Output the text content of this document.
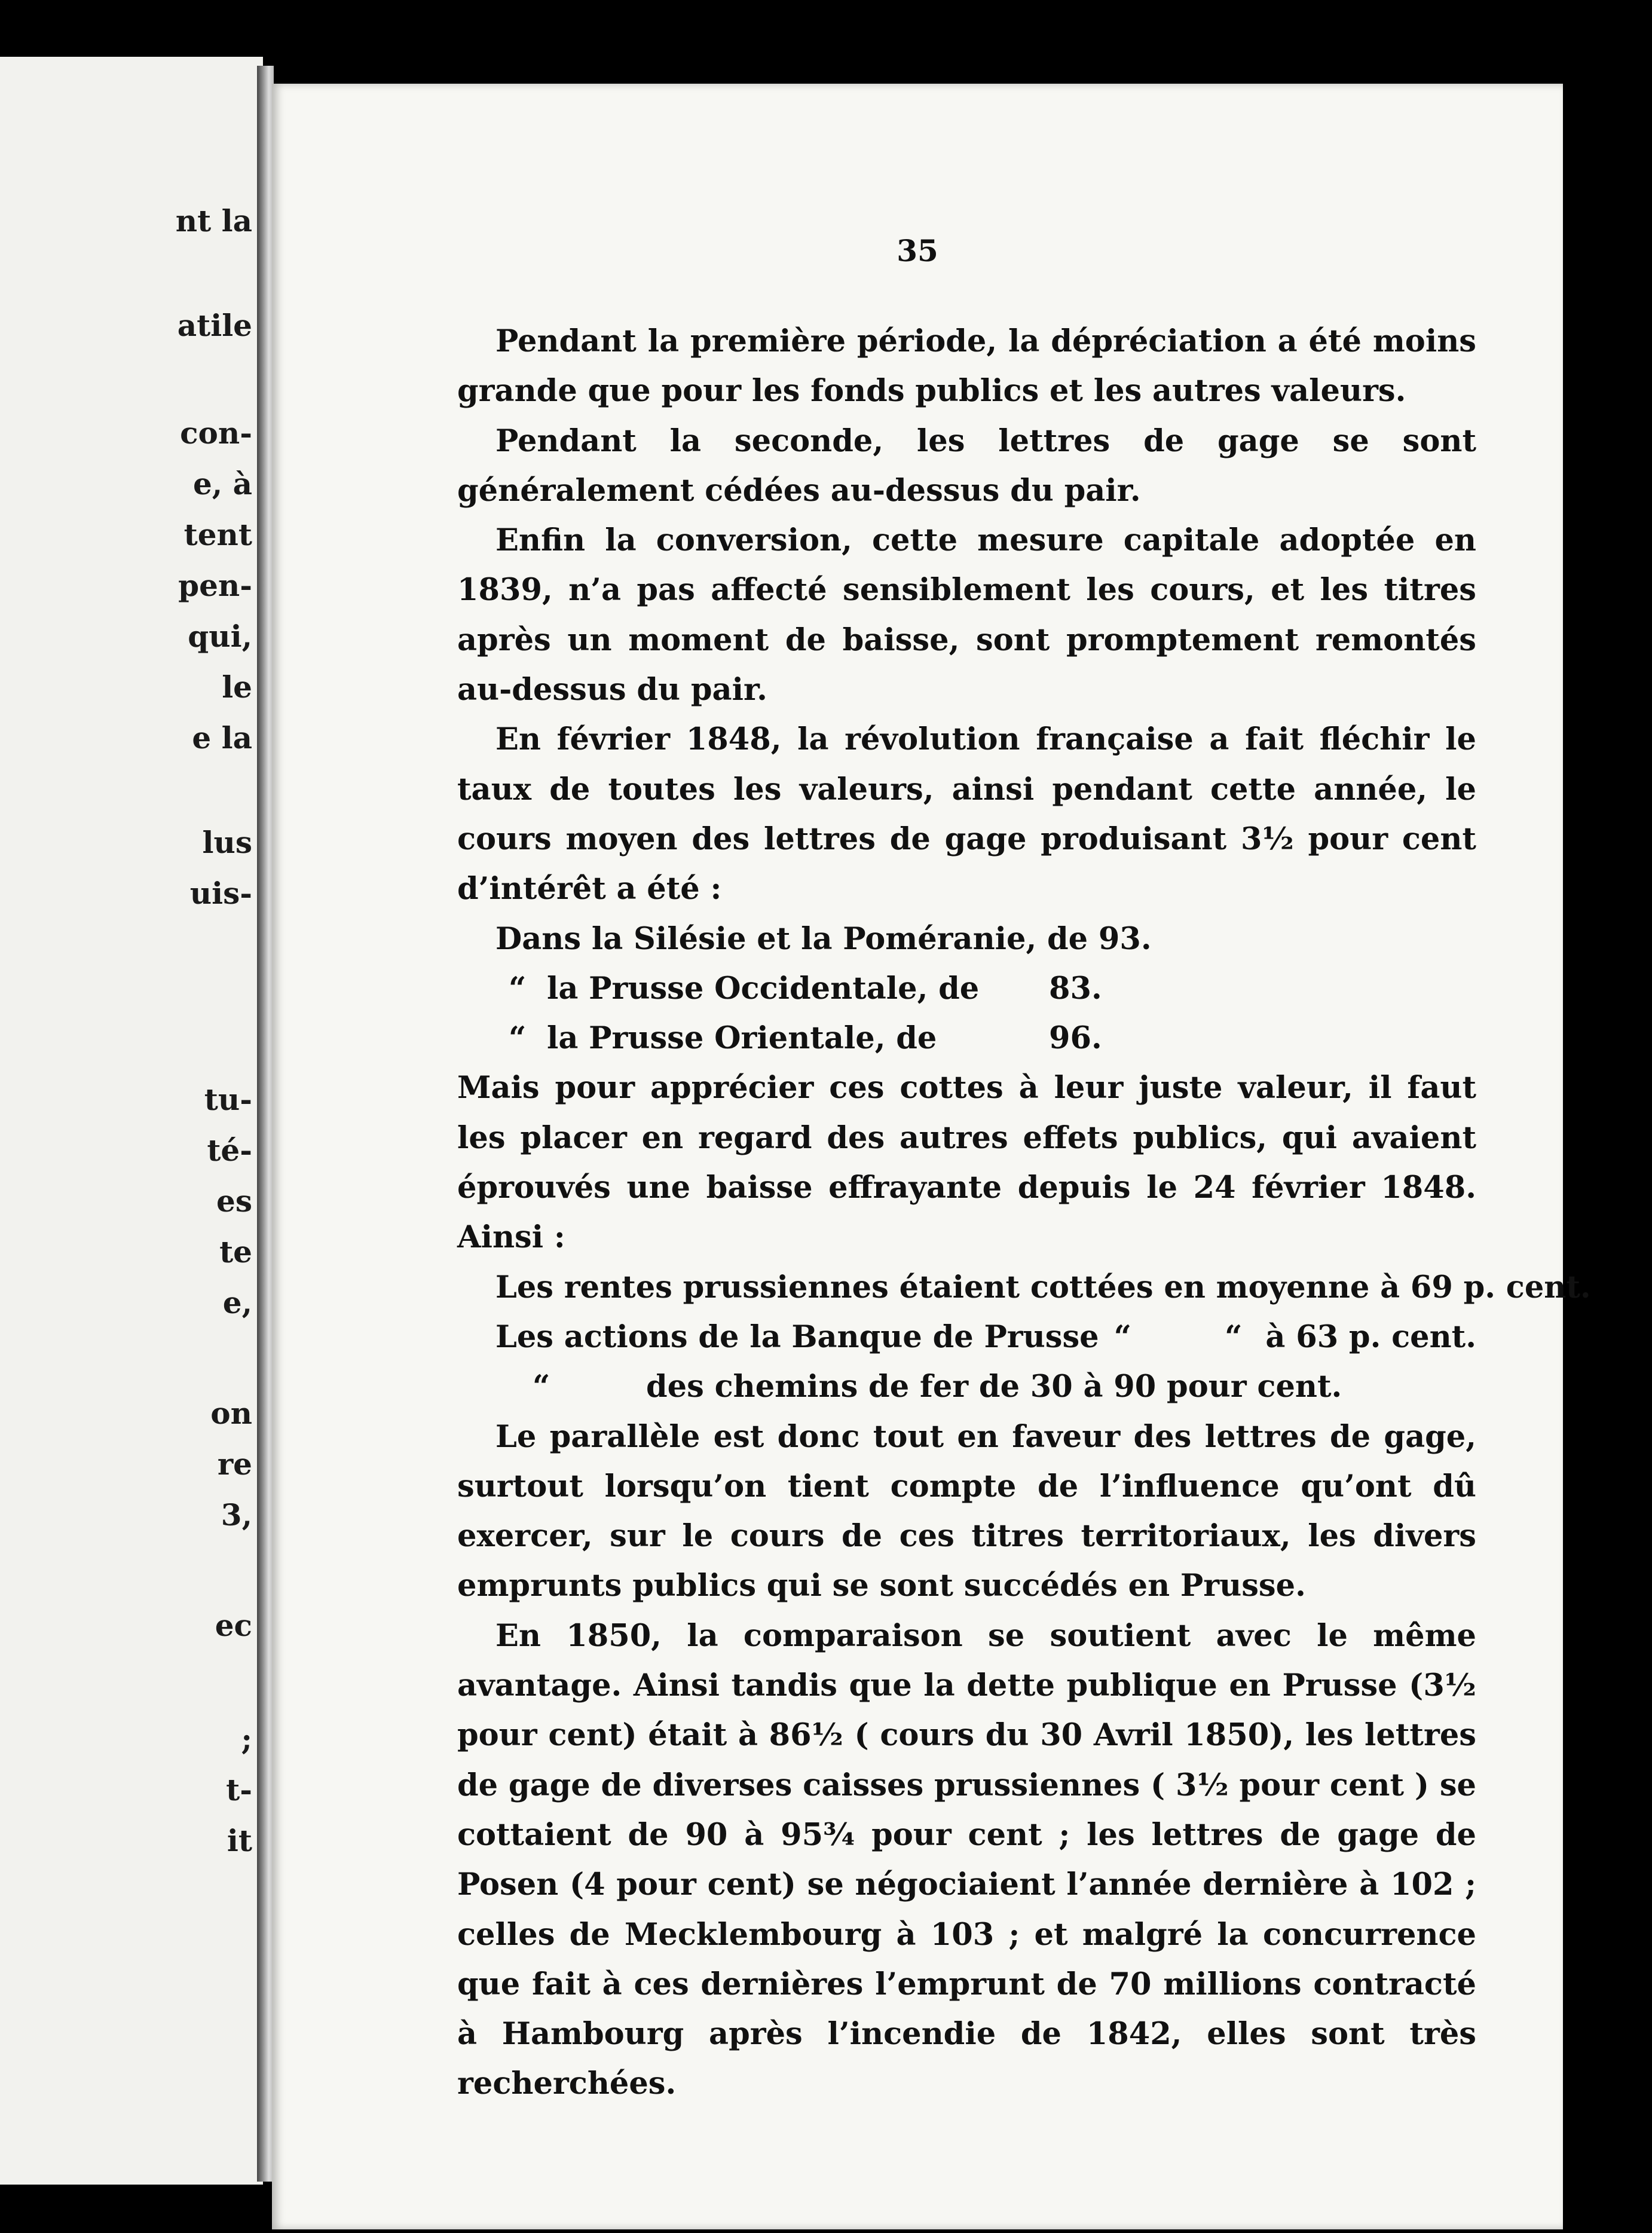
nt la
atile
con-
e, à
tent
pen-
qui,
le
e la
lus
uis-
tu-
té-
es
te
e,
on
re
3,
ec
;
t-
it
35

Pendant la première période, la dépréciation a été moins grande que pour les fonds publics et les autres valeurs.

Pendant la seconde, les lettres de gage se sont généralement cédées au-dessus du pair.

Enfin la conversion, cette mesure capitale adoptée en 1839, n’a pas affecté sensiblement les cours, et les titres après un moment de baisse, sont promptement remontés au-dessus du pair.

En février 1848, la révolution française a fait fléchir le taux de toutes les valeurs, ainsi pendant cette année, le cours moyen des lettres de gage produisant 3½ pour cent d’intérêt a été :

Dans la Silésie et la Poméranie, de 93.
“ la Prusse Occidentale, de	83.
“ la Prusse Orientale, de	96.

Mais pour apprécier ces cottes à leur juste valeur, il faut les placer en regard des autres effets publics, qui avaient éprouvés une baisse effrayante depuis le 24 février 1848. Ainsi :

Les rentes prussiennes étaient cottées en moyenne à 69 p. cent.
Les actions de la Banque de Prusse “	“ à 63 p. cent.
“	des chemins de fer de 30 à 90 pour cent.

Le parallèle est donc tout en faveur des lettres de gage, surtout lorsqu’on tient compte de l’influence qu’ont dû exercer, sur le cours de ces titres territoriaux, les divers emprunts publics qui se sont succédés en Prusse.

En 1850, la comparaison se soutient avec le même avantage. Ainsi tandis que la dette publique en Prusse (3½ pour cent) était à 86½ ( cours du 30 Avril 1850), les lettres de gage de diverses caisses prussiennes ( 3½ pour cent ) se cottaient de 90 à 95¾ pour cent ; les lettres de gage de Posen (4 pour cent) se négociaient l’année dernière à 102 ; celles de Mecklembourg à 103 ; et malgré la concurrence que fait à ces dernières l’emprunt de 70 millions contracté à Hambourg après l’incendie de 1842, elles sont très recherchées.
